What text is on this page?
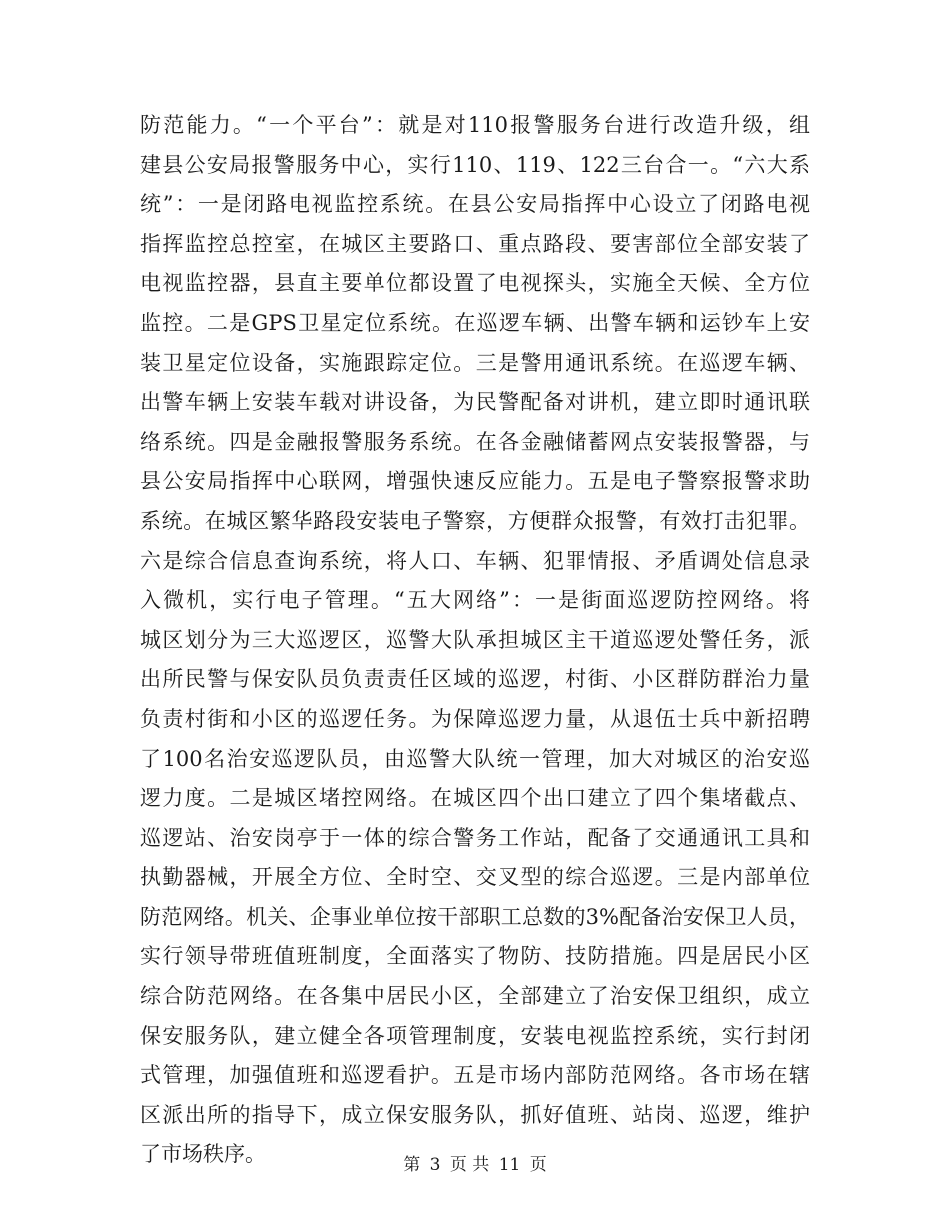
防范能力。“一个平台”：就是对110报警服务台进行改造升级，组
建县公安局报警服务中心，实行110、119、122三台合一。“六大系
统”：一是闭路电视监控系统。在县公安局指挥中心设立了闭路电视
指挥监控总控室，在城区主要路口、重点路段、要害部位全部安装了
电视监控器，县直主要单位都设置了电视探头，实施全天候、全方位
监控。二是GPS卫星定位系统。在巡逻车辆、出警车辆和运钞车上安
装卫星定位设备，实施跟踪定位。三是警用通讯系统。在巡逻车辆、
出警车辆上安装车载对讲设备，为民警配备对讲机，建立即时通讯联
络系统。四是金融报警服务系统。在各金融储蓄网点安装报警器，与
县公安局指挥中心联网，增强快速反应能力。五是电子警察报警求助
系统。在城区繁华路段安装电子警察，方便群众报警，有效打击犯罪。
六是综合信息查询系统，将人口、车辆、犯罪情报、矛盾调处信息录
入微机，实行电子管理。“五大网络”：一是街面巡逻防控网络。将
城区划分为三大巡逻区，巡警大队承担城区主干道巡逻处警任务，派
出所民警与保安队员负责责任区域的巡逻，村街、小区群防群治力量
负责村街和小区的巡逻任务。为保障巡逻力量，从退伍士兵中新招聘
了100名治安巡逻队员，由巡警大队统一管理，加大对城区的治安巡
逻力度。二是城区堵控网络。在城区四个出口建立了四个集堵截点、
巡逻站、治安岗亭于一体的综合警务工作站，配备了交通通讯工具和
执勤器械，开展全方位、全时空、交叉型的综合巡逻。三是内部单位
防范网络。机关、企事业单位按干部职工总数的3%配备治安保卫人员，
实行领导带班值班制度，全面落实了物防、技防措施。四是居民小区
综合防范网络。在各集中居民小区，全部建立了治安保卫组织，成立
保安服务队，建立健全各项管理制度，安装电视监控系统，实行封闭
式管理，加强值班和巡逻看护。五是市场内部防范网络。各市场在辖
区派出所的指导下，成立保安服务队，抓好值班、站岗、巡逻，维护
了市场秩序。	第 3 页 共 11 页
